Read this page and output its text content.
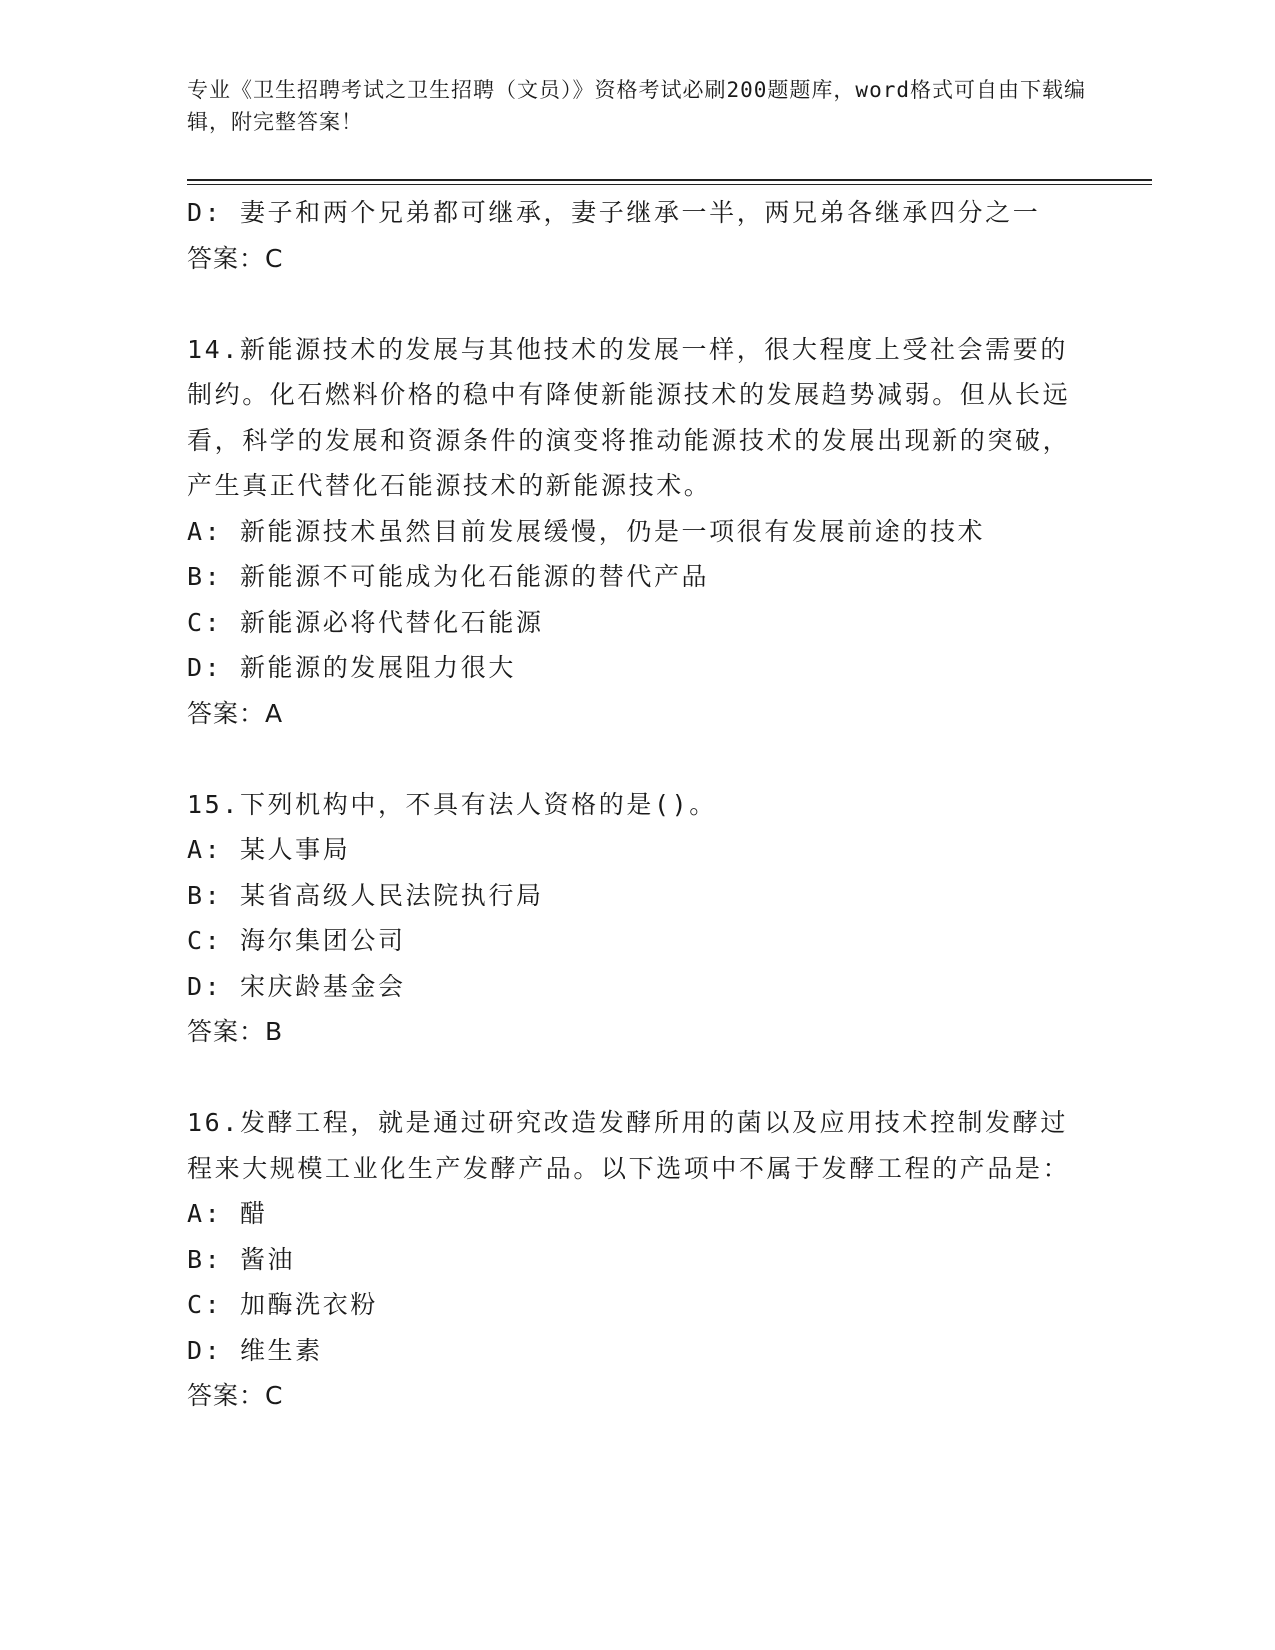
专业《卫生招聘考试之卫生招聘（文员）》资格考试必刷200题题库，word格式可自由下载编辑，附完整答案！
D: 妻子和两个兄弟都可继承，妻子继承一半，两兄弟各继承四分之一
答案：C

14.新能源技术的发展与其他技术的发展一样，很大程度上受社会需要的制约。化石燃料价格的稳中有降使新能源技术的发展趋势减弱。但从长远看，科学的发展和资源条件的演变将推动能源技术的发展出现新的突破，产生真正代替化石能源技术的新能源技术。

A: 新能源技术虽然目前发展缓慢，仍是一项很有发展前途的技术
B: 新能源不可能成为化石能源的替代产品
C: 新能源必将代替化石能源
D: 新能源的发展阻力很大
答案：A

15.下列机构中，不具有法人资格的是()。

A: 某人事局
B: 某省高级人民法院执行局
C: 海尔集团公司
D: 宋庆龄基金会
答案：B

16.发酵工程，就是通过研究改造发酵所用的菌以及应用技术控制发酵过程来大规模工业化生产发酵产品。以下选项中不属于发酵工程的产品是：

A: 醋
B: 酱油
C: 加酶洗衣粉
D: 维生素
答案：C
